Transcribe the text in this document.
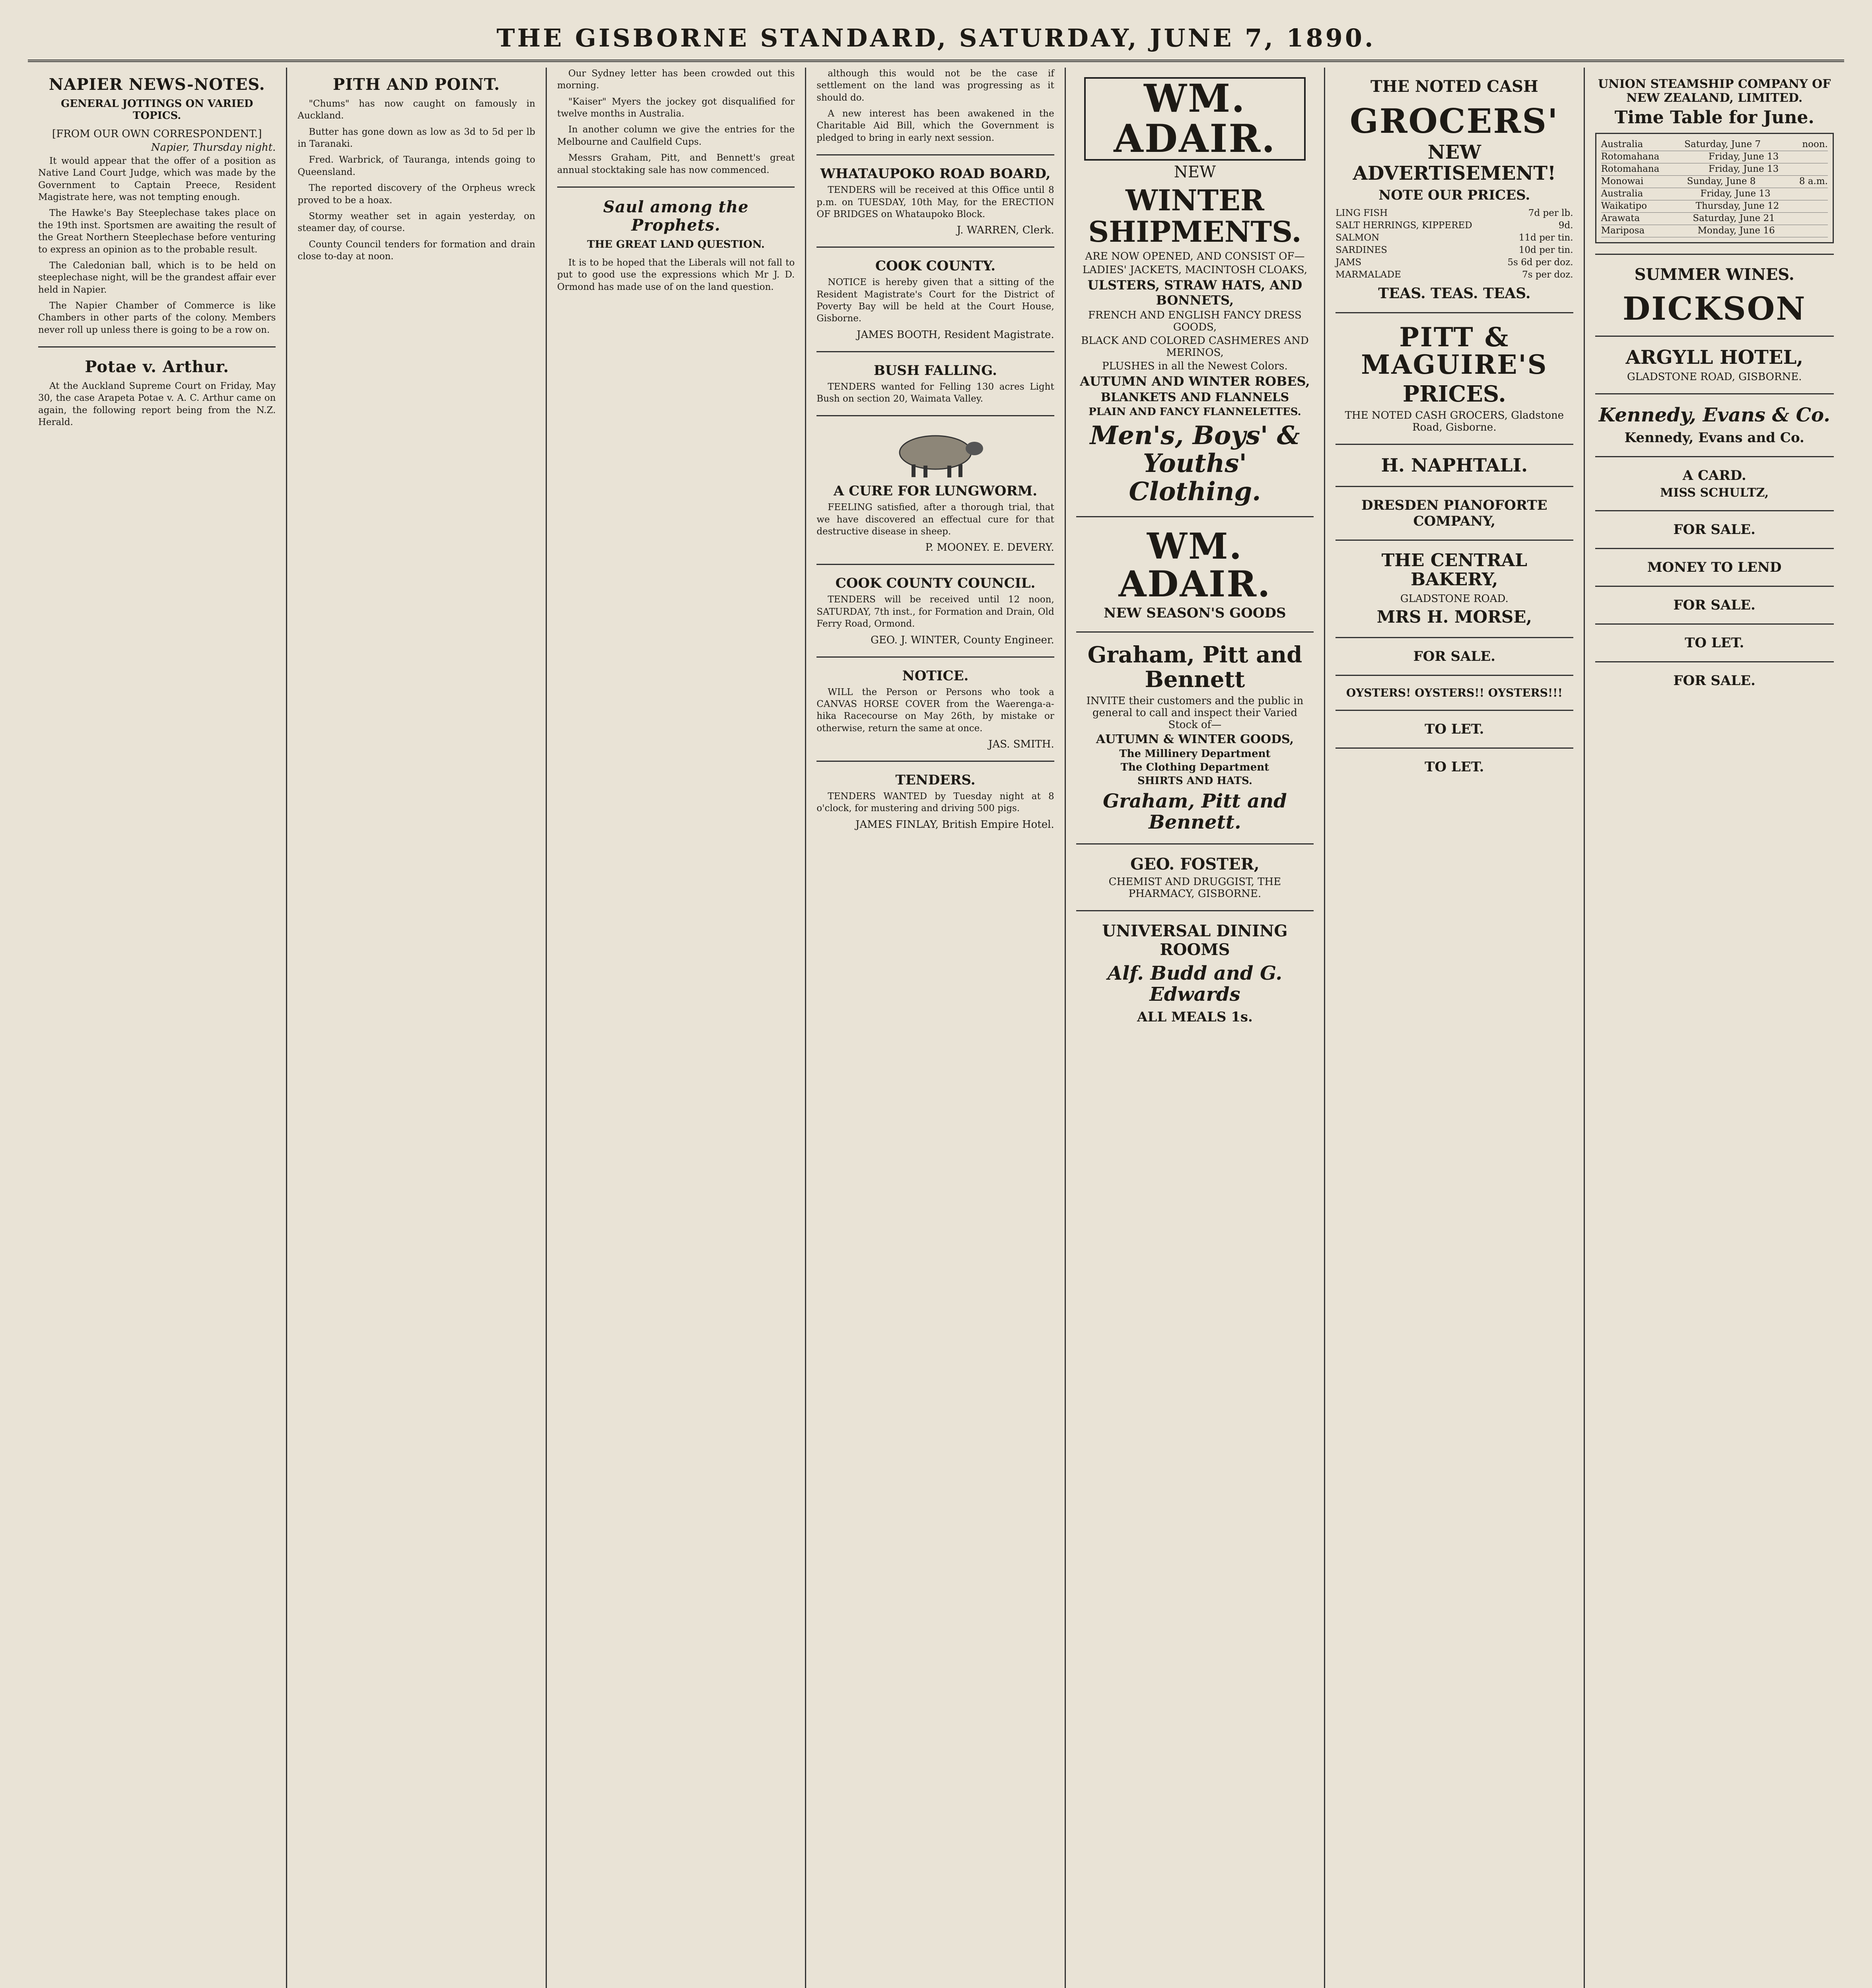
THE GISBORNE STANDARD, SATURDAY, JUNE 7, 1890.
NAPIER NEWS-NOTES.
GENERAL JOTTINGS ON VARIED TOPICS.
[FROM OUR OWN CORRESPONDENT.]
Napier, Thursday night.

It would appear that the offer of a position as Native Land Court Judge, which was made by the Government to Captain Preece, Resident Magistrate here, was not tempting enough.

The Hawke's Bay Steeplechase takes place on the 19th inst. Sportsmen are awaiting the result of the Great Northern Steeplechase before venturing to express an opinion as to the probable result.

The Caledonian ball, which is to be held on steeplechase night, will be the grandest affair ever held in Napier.

The Napier Chamber of Commerce is like Chambers in other parts of the colony. Members never roll up unless there is going to be a row on.

Potae v. Arthur.

At the Auckland Supreme Court on Friday, May 30, the case Arapeta Potae v. A. C. Arthur came on again, the following report being from the N.Z. Herald.

PITH AND POINT.

"Chums" has now caught on famously in Auckland.

Butter has gone down as low as 3d to 5d per lb in Taranaki.

Fred. Warbrick, of Tauranga, intends going to Queensland.

The reported discovery of the Orpheus wreck proved to be a hoax.

Stormy weather set in again yesterday, on steamer day, of course.

County Council tenders for formation and drain close to-day at noon.

Our Sydney letter has been crowded out this morning.

"Kaiser" Myers the jockey got disqualified for twelve months in Australia.

In another column we give the entries for the Melbourne and Caulfield Cups.

Messrs Graham, Pitt, and Bennett's great annual stocktaking sale has now commenced.

Saul among the Prophets.
THE GREAT LAND QUESTION.

It is to be hoped that the Liberals will not fall to put to good use the expressions which Mr J. D. Ormond has made use of on the land question.

although this would not be the case if settlement on the land was progressing as it should do.

A new interest has been awakened in the Charitable Aid Bill, which the Government is pledged to bring in early next session.

WHATAUPOKO ROAD BOARD,

TENDERS will be received at this Office until 8 p.m. on TUESDAY, 10th May, for the ERECTION OF BRIDGES on Whataupoko Block.

J. WARREN, Clerk.
COOK COUNTY.

NOTICE is hereby given that a sitting of the Resident Magistrate's Court for the District of Poverty Bay will be held at the Court House, Gisborne.

JAMES BOOTH, Resident Magistrate.
BUSH FALLING.

TENDERS wanted for Felling 130 acres Light Bush on section 20, Waimata Valley.

A CURE FOR LUNGWORM.

FEELING satisfied, after a thorough trial, that we have discovered an effectual cure for that destructive disease in sheep.

P. MOONEY. E. DEVERY.
COOK COUNTY COUNCIL.

TENDERS will be received until 12 noon, SATURDAY, 7th inst., for Formation and Drain, Old Ferry Road, Ormond.

GEO. J. WINTER, County Engineer.
NOTICE.

WILL the Person or Persons who took a CANVAS HORSE COVER from the Waerenga-a-hika Racecourse on May 26th, by mistake or otherwise, return the same at once.

JAS. SMITH.
TENDERS.

TENDERS WANTED by Tuesday night at 8 o'clock, for mustering and driving 500 pigs.

JAMES FINLAY, British Empire Hotel.
WM. ADAIR.
NEW
WINTER SHIPMENTS.
ARE NOW OPENED, AND CONSIST OF—
LADIES' JACKETS, MACINTOSH CLOAKS,
ULSTERS, STRAW HATS, AND BONNETS,
FRENCH AND ENGLISH FANCY DRESS GOODS,
BLACK AND COLORED CASHMERES AND MERINOS,
PLUSHES in all the Newest Colors.
AUTUMN AND WINTER ROBES,
BLANKETS AND FLANNELS
PLAIN AND FANCY FLANNELETTES.
Men's, Boys' & Youths' Clothing.
WM. ADAIR.
NEW SEASON'S GOODS
Graham, Pitt and Bennett
INVITE their customers and the public in general to call and inspect their Varied Stock of—
AUTUMN & WINTER GOODS,
The Millinery Department
The Clothing Department
SHIRTS AND HATS.
Graham, Pitt and Bennett.
GEO. FOSTER,
CHEMIST AND DRUGGIST, THE PHARMACY, GISBORNE.
UNIVERSAL DINING ROOMS
Alf. Budd and G. Edwards
ALL MEALS 1s.
THE NOTED CASH
GROCERS'
NEW ADVERTISEMENT!
NOTE OUR PRICES.
LING FISH	7d per lb.
SALT HERRINGS, KIPPERED	9d.
SALMON	11d per tin.
SARDINES	10d per tin.
JAMS	5s 6d per doz.
MARMALADE	7s per doz.
TEAS. TEAS. TEAS.
PITT & MAGUIRE'S
PRICES.
THE NOTED CASH GROCERS, Gladstone Road, Gisborne.
H. NAPHTALI.
DRESDEN PIANOFORTE COMPANY,
THE CENTRAL BAKERY,
GLADSTONE ROAD.
MRS H. MORSE,
FOR SALE.
OYSTERS! OYSTERS!! OYSTERS!!!
TO LET.
TO LET.
UNION STEAMSHIP COMPANY OF NEW ZEALAND, LIMITED.
Time Table for June.
Australia	Saturday, June 7	noon.
Rotomahana	Friday, June 13
Rotomahana	Friday, June 13
Monowai	Sunday, June 8	8 a.m.
Australia	Friday, June 13
Waikatipo	Thursday, June 12
Arawata	Saturday, June 21
Mariposa	Monday, June 16
SUMMER WINES.
DICKSON
ARGYLL HOTEL,
GLADSTONE ROAD, GISBORNE.
Kennedy, Evans & Co.
Kennedy, Evans and Co.
A CARD.
MISS SCHULTZ,
FOR SALE.
MONEY TO LEND
FOR SALE.
TO LET.
FOR SALE.
